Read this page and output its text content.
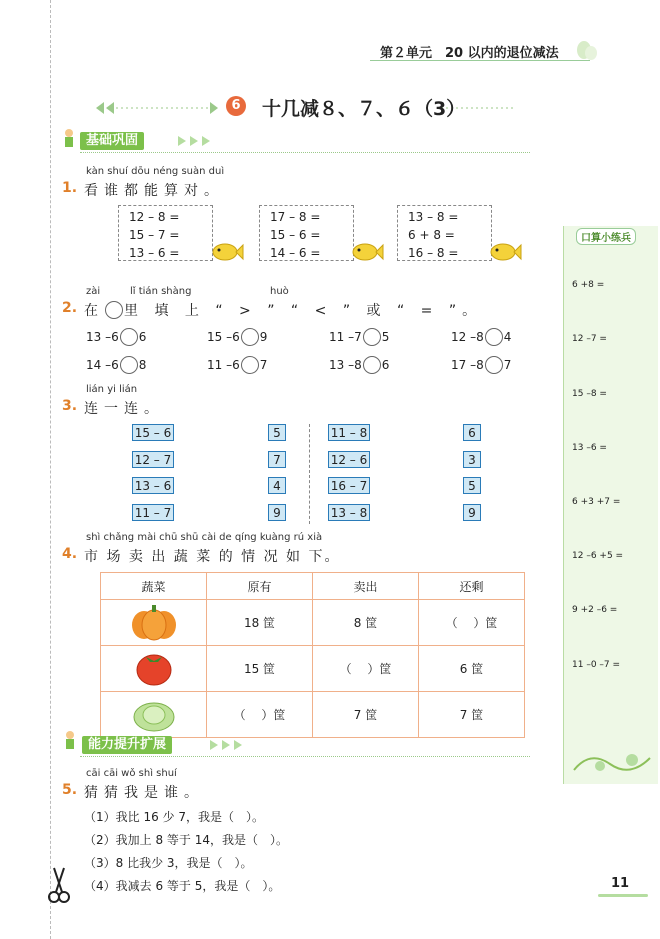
第２单元　20 以内的退位减法
6 十几减８、７、６（3）
基础巩固
kàn shuí dōu néng suàn duì
1. 看谁都能算对。
12 – 8 =
15 – 7 =
13 – 6 =
17 – 8 =
15 – 6 =
14 – 6 =
13 – 8 =
6 + 8 =
16 – 8 =
zài	lǐ tián shàng	huò
2. 在 里 填 上 “ > ” “ < ” 或 “ = ”。
13 –6 6	15 –6 9	11 –7 5	12 –8 4
14 –6 8	11 –6 7	13 –8 6	17 –8 7
lián yi lián
3. 连一连。
15 – 6
12 – 7
13 – 6
11 – 7
5
7
4
9
11 – 8
12 – 6
16 – 7
13 – 8
6
3
5
9
shì chǎng mài chū shū cài de qíng kuàng rú xià
4. 市 场 卖 出 蔬 菜 的 情 况 如 下。
蔬菜	原有	卖出	还剩
	18 筐	8 筐	（　 ）筐
	15 筐	（　 ）筐	6 筐
	（　 ）筐	7 筐	7 筐
能力提升扩展
cāi cāi wǒ shì shuí
5. 猜猜我是谁。
（1）我比 16 少 7，我是（　）。
（2）我加上 8 等于 14，我是（　）。
（3）8 比我少 3，我是（　）。
（4）我减去 6 等于 5，我是（　）。
口算小练兵
6 +8 =
12 –7 =
15 –8 =
13 –6 =
6 +3 +7 =
12 –6 +5 =
9 +2 –6 =
11 –0 –7 =
11
